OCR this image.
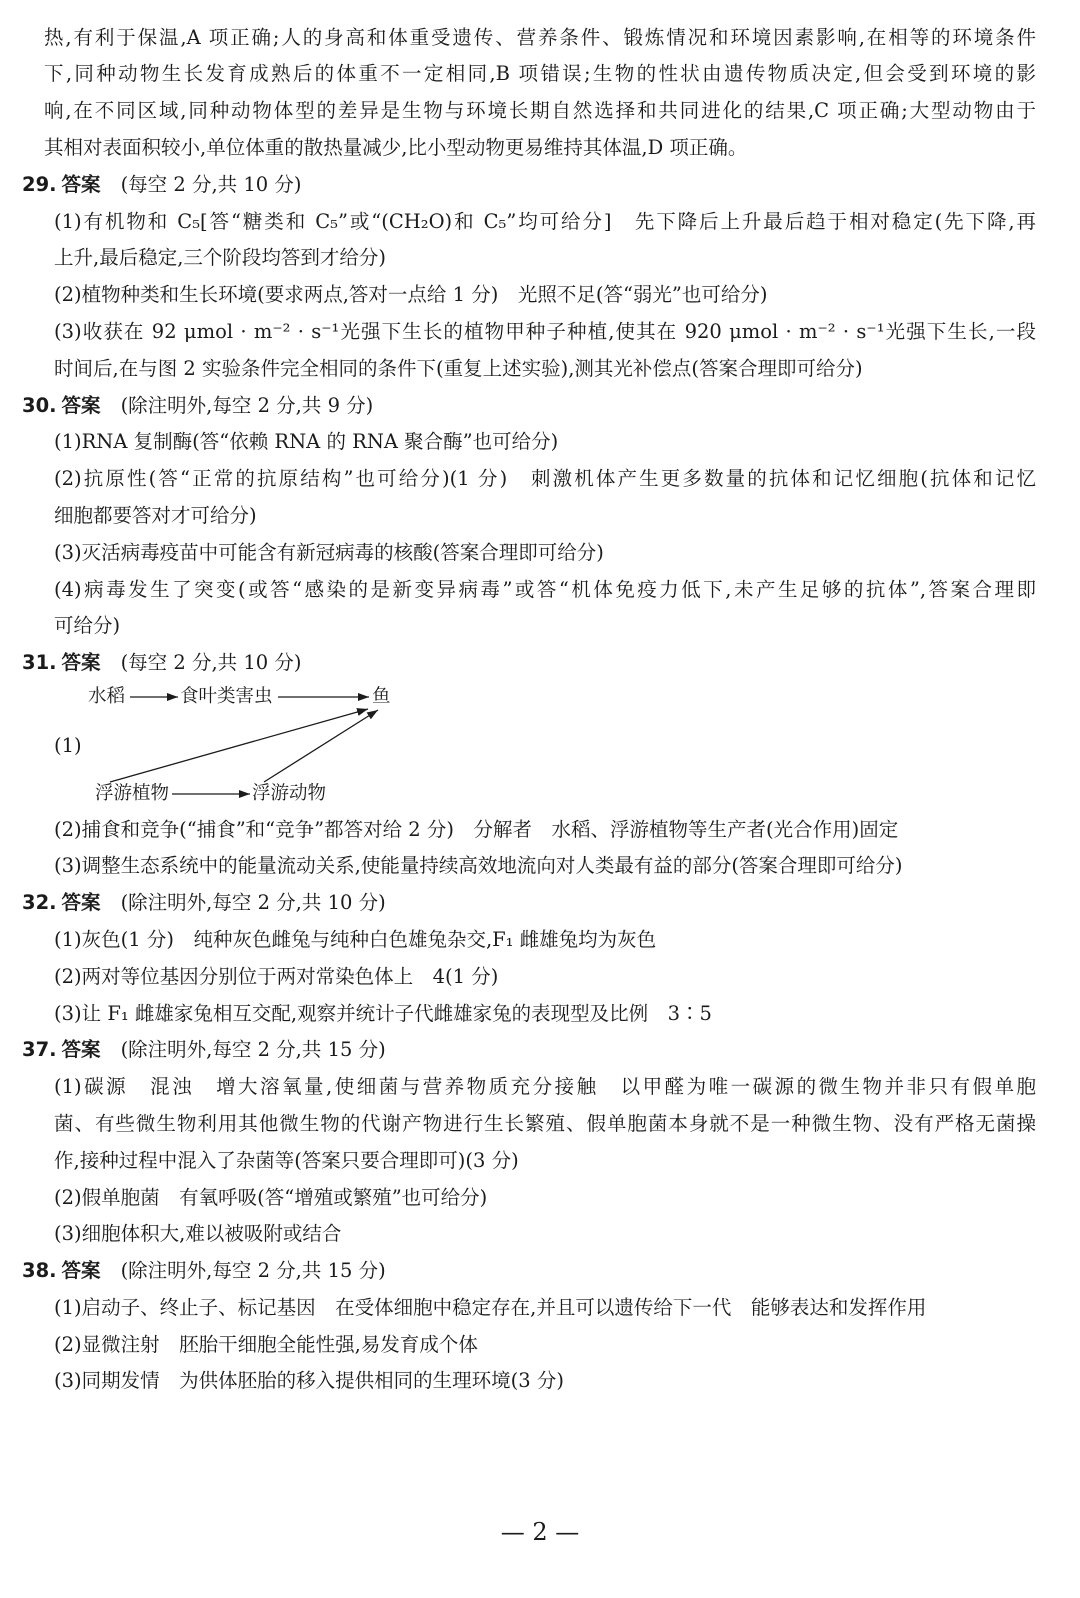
热,有利于保温,A 项正确;人的身高和体重受遗传、营养条件、锻炼情况和环境因素影响,在相等的环境条件
下,同种动物生长发育成熟后的体重不一定相同,B 项错误;生物的性状由遗传物质决定,但会受到环境的影
响,在不同区域,同种动物体型的差异是生物与环境长期自然选择和共同进化的结果,C 项正确;大型动物由于
其相对表面积较小,单位体重的散热量减少,比小型动物更易维持其体温,D 项正确。
29. 答案 (每空 2 分,共 10 分)
(1)有机物和 C₅[答“糖类和 C₅”或“(CH₂O)和 C₅”均可给分]　先下降后上升最后趋于相对稳定(先下降,再
上升,最后稳定,三个阶段均答到才给分)
(2)植物种类和生长环境(要求两点,答对一点给 1 分)　光照不足(答“弱光”也可给分)
(3)收获在 92 μmol · m⁻² · s⁻¹光强下生长的植物甲种子种植,使其在 920 μmol · m⁻² · s⁻¹光强下生长,一段
时间后,在与图 2 实验条件完全相同的条件下(重复上述实验),测其光补偿点(答案合理即可给分)
30. 答案 (除注明外,每空 2 分,共 9 分)
(1)RNA 复制酶(答“依赖 RNA 的 RNA 聚合酶”也可给分)
(2)抗原性(答“正常的抗原结构”也可给分)(1 分)　刺激机体产生更多数量的抗体和记忆细胞(抗体和记忆
细胞都要答对才可给分)
(3)灭活病毒疫苗中可能含有新冠病毒的核酸(答案合理即可给分)
(4)病毒发生了突变(或答“感染的是新变异病毒”或答“机体免疫力低下,未产生足够的抗体”,答案合理即
可给分)
31. 答案 (每空 2 分,共 10 分)
水稻	食叶类害虫	鱼
(1)
浮游植物	浮游动物
(2)捕食和竞争(“捕食”和“竞争”都答对给 2 分)　分解者　水稻、浮游植物等生产者(光合作用)固定
(3)调整生态系统中的能量流动关系,使能量持续高效地流向对人类最有益的部分(答案合理即可给分)
32. 答案 (除注明外,每空 2 分,共 10 分)
(1)灰色(1 分)　纯种灰色雌兔与纯种白色雄兔杂交,F₁ 雌雄兔均为灰色
(2)两对等位基因分别位于两对常染色体上　4(1 分)
(3)让 F₁ 雌雄家兔相互交配,观察并统计子代雌雄家兔的表现型及比例　3∶5
37. 答案 (除注明外,每空 2 分,共 15 分)
(1)碳源　混浊　增大溶氧量,使细菌与营养物质充分接触　以甲醛为唯一碳源的微生物并非只有假单胞
菌、有些微生物利用其他微生物的代谢产物进行生长繁殖、假单胞菌本身就不是一种微生物、没有严格无菌操
作,接种过程中混入了杂菌等(答案只要合理即可)(3 分)
(2)假单胞菌　有氧呼吸(答“增殖或繁殖”也可给分)
(3)细胞体积大,难以被吸附或结合
38. 答案 (除注明外,每空 2 分,共 15 分)
(1)启动子、终止子、标记基因　在受体细胞中稳定存在,并且可以遗传给下一代　能够表达和发挥作用
(2)显微注射　胚胎干细胞全能性强,易发育成个体
(3)同期发情　为供体胚胎的移入提供相同的生理环境(3 分)
— 2 —
